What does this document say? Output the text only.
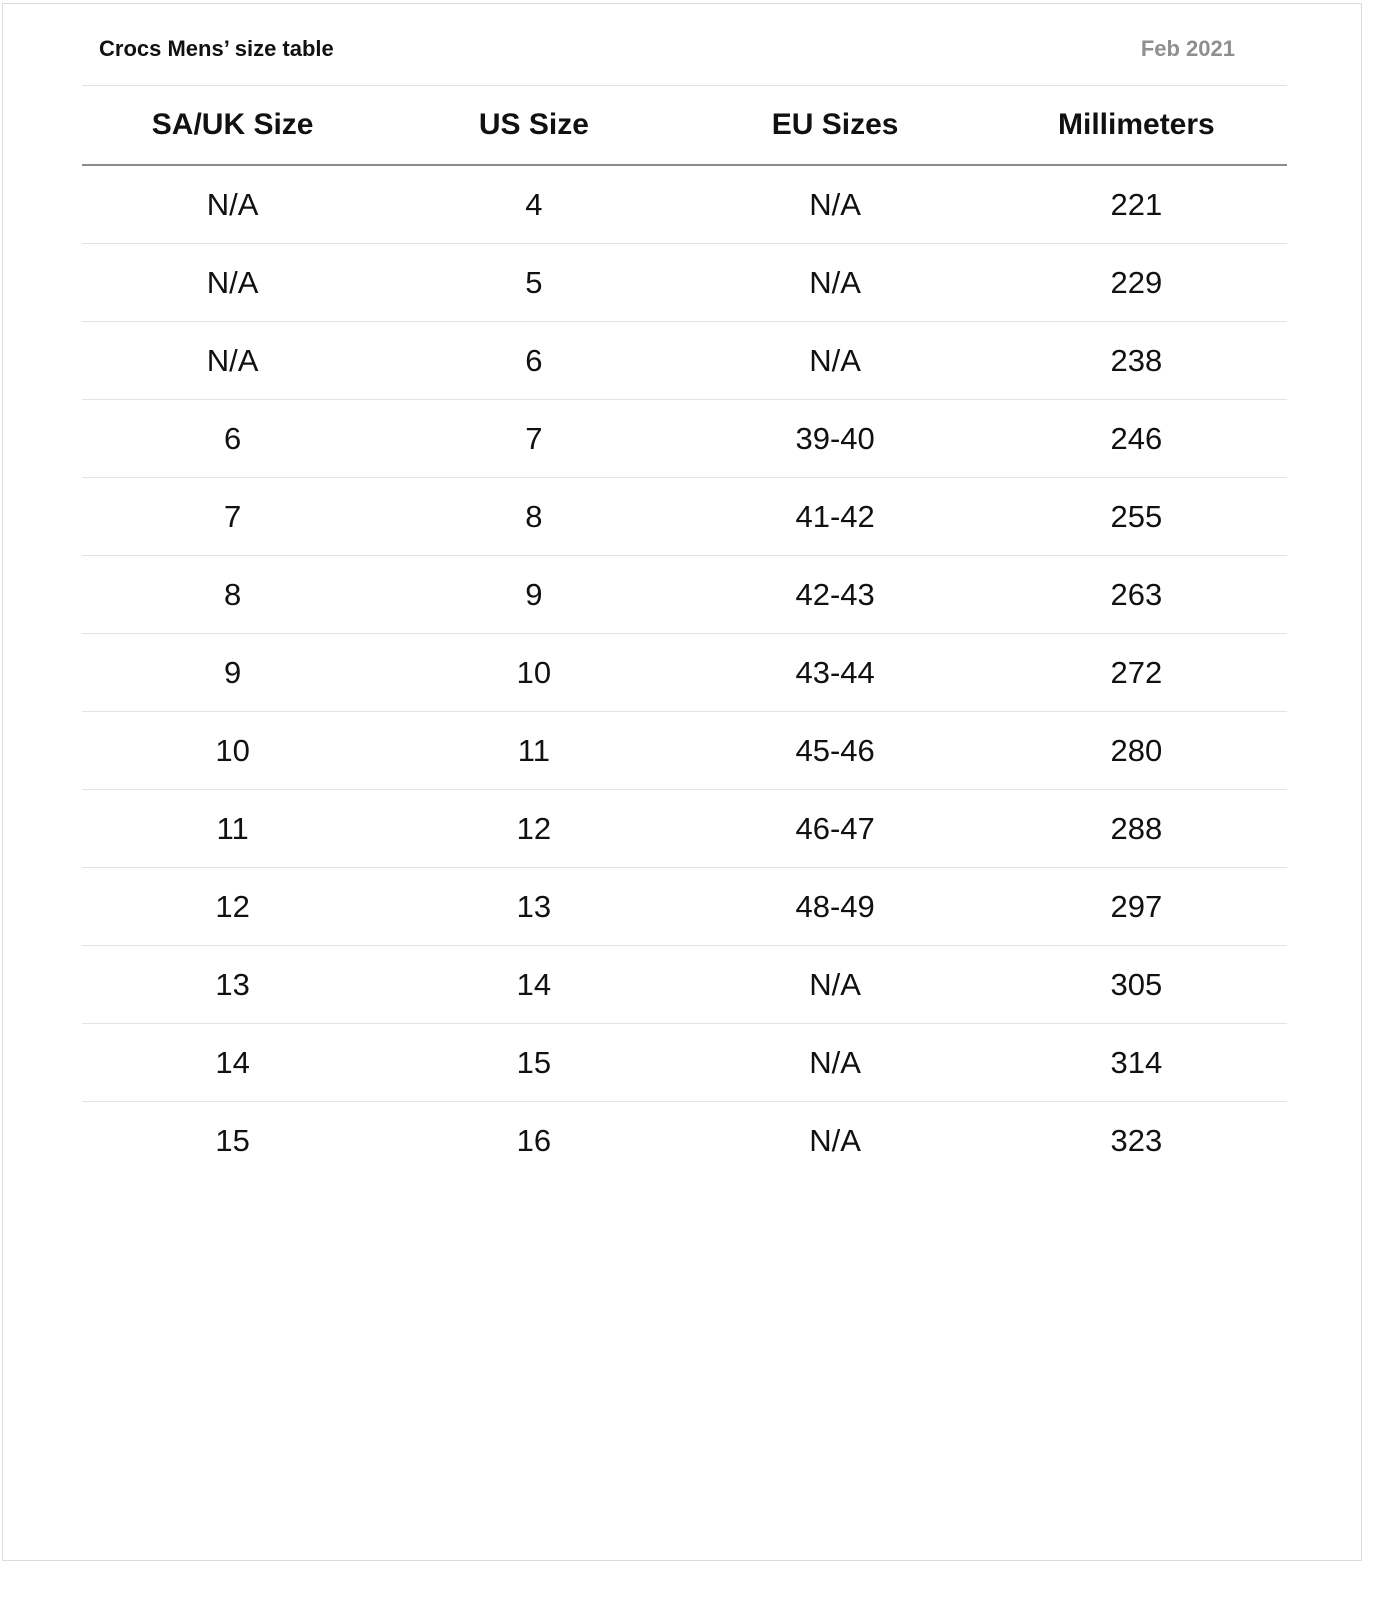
Crocs Mens’ size table	Feb 2021
SA/UK Size	US Size	EU Sizes	Millimeters
N/A	4	N/A	221
N/A	5	N/A	229
N/A	6	N/A	238
6	7	39-40	246
7	8	41-42	255
8	9	42-43	263
9	10	43-44	272
10	11	45-46	280
11	12	46-47	288
12	13	48-49	297
13	14	N/A	305
14	15	N/A	314
15	16	N/A	323
